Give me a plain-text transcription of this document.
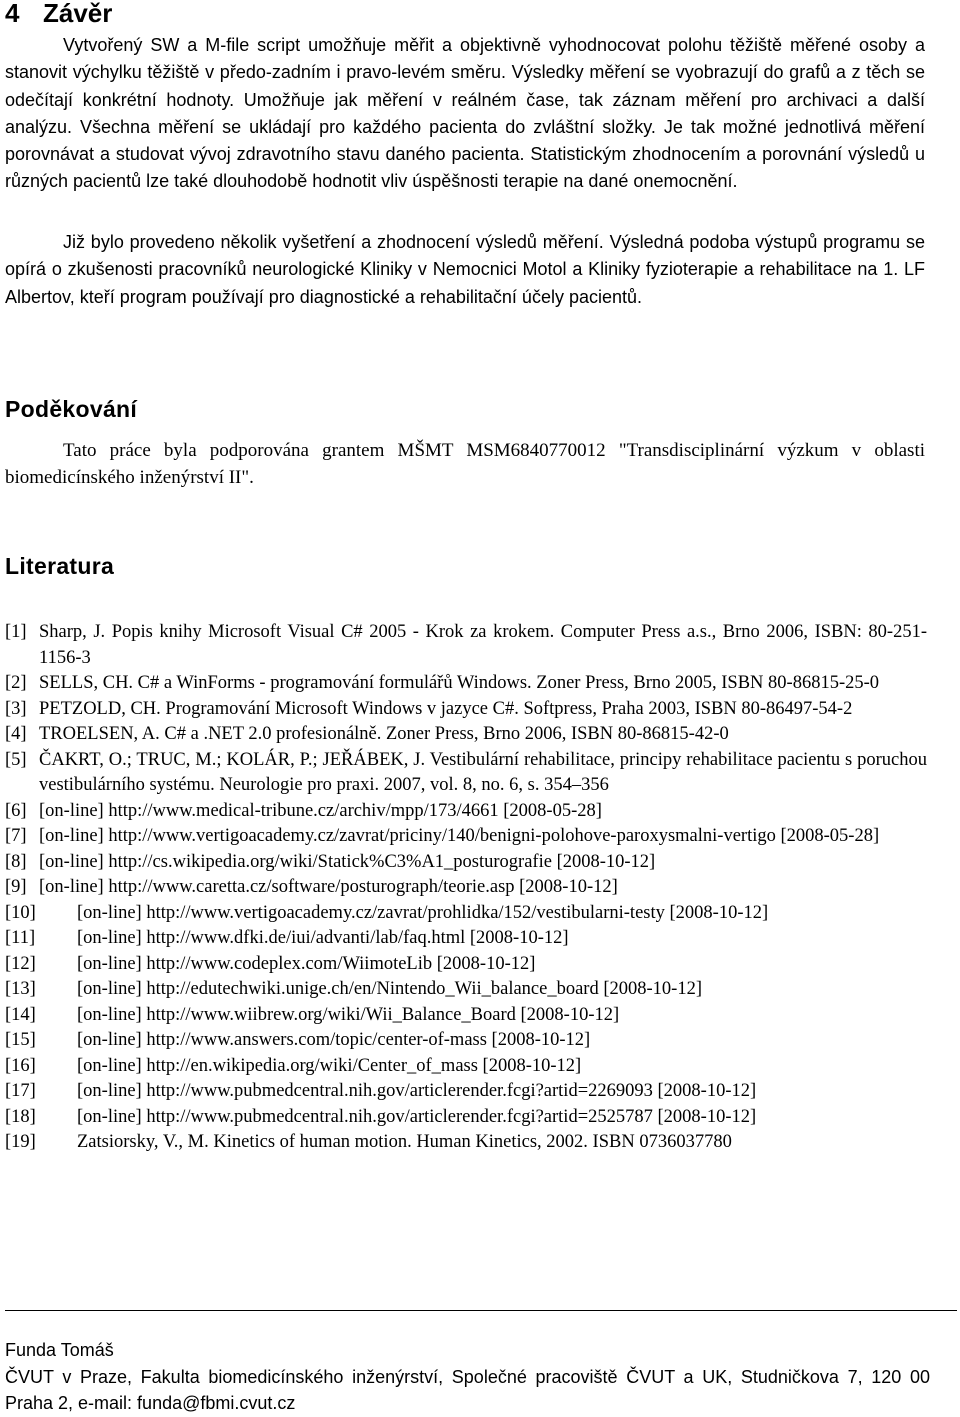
4 Závěr

Vytvořený SW a M-file script umožňuje měřit a objektivně vyhodnocovat polohu těžiště měřené osoby a stanovit výchylku těžiště v předo-zadním i pravo-levém směru. Výsledky měření se vyobrazují do grafů a z těch se odečítají konkrétní hodnoty. Umožňuje jak měření v reálném čase, tak záznam měření pro archivaci a další analýzu. Všechna měření se ukládají pro každého pacienta do zvláštní složky. Je tak možné jednotlivá měření porovnávat a studovat vývoj zdravotního stavu daného pacienta. Statistickým zhodnocením a porovnání výsledů u různých pacientů lze také dlouhodobě hodnotit vliv úspěšnosti terapie na dané onemocnění.

Již bylo provedeno několik vyšetření a zhodnocení výsledů měření. Výsledná podoba výstupů programu se opírá o zkušenosti pracovníků neurologické Kliniky v Nemocnici Motol a Kliniky fyzioterapie a rehabilitace na 1. LF Albertov, kteří program používají pro diagnostické a rehabilitační účely pacientů.

Poděkování

Tato práce byla podporována grantem MŠMT MSM6840770012 "Transdisciplinární výzkum v oblasti biomedicínského inženýrství II".

Literatura
[1] Sharp, J. Popis knihy Microsoft Visual C# 2005 - Krok za krokem. Computer Press a.s., Brno 2006, ISBN: 80-251-1156-3
[2] SELLS, CH. C# a WinForms - programování formulářů Windows. Zoner Press, Brno 2005, ISBN 80-86815-25-0
[3] PETZOLD, CH. Programování Microsoft Windows v jazyce C#. Softpress, Praha 2003, ISBN 80-86497-54-2
[4] TROELSEN, A. C# a .NET 2.0 profesionálně. Zoner Press, Brno 2006, ISBN 80-86815-42-0
[5] ČAKRT, O.; TRUC, M.; KOLÁR, P.; JEŘÁBEK, J. Vestibulární rehabilitace, principy rehabilitace pacientu s poruchou vestibulárního systému. Neurologie pro praxi. 2007, vol. 8, no. 6, s. 354–356
[6] [on-line] http://www.medical-tribune.cz/archiv/mpp/173/4661 [2008-05-28]
[7] [on-line] http://www.vertigoacademy.cz/zavrat/priciny/140/benigni-polohove-paroxysmalni-vertigo [2008-05-28]
[8] [on-line] http://cs.wikipedia.org/wiki/Statick%C3%A1_posturografie [2008-10-12]
[9] [on-line] http://www.caretta.cz/software/posturograph/teorie.asp [2008-10-12]
[10]	[on-line] http://www.vertigoacademy.cz/zavrat/prohlidka/152/vestibularni-testy [2008-10-12]
[11]	[on-line] http://www.dfki.de/iui/advanti/lab/faq.html [2008-10-12]
[12]	[on-line] http://www.codeplex.com/WiimoteLib [2008-10-12]
[13]	[on-line] http://edutechwiki.unige.ch/en/Nintendo_Wii_balance_board [2008-10-12]
[14]	[on-line] http://www.wiibrew.org/wiki/Wii_Balance_Board [2008-10-12]
[15]	[on-line] http://www.answers.com/topic/center-of-mass [2008-10-12]
[16]	[on-line] http://en.wikipedia.org/wiki/Center_of_mass [2008-10-12]
[17]	[on-line] http://www.pubmedcentral.nih.gov/articlerender.fcgi?artid=2269093 [2008-10-12]
[18]	[on-line] http://www.pubmedcentral.nih.gov/articlerender.fcgi?artid=2525787 [2008-10-12]
[19]	Zatsiorsky, V., M. Kinetics of human motion. Human Kinetics, 2002. ISBN 0736037780
Funda Tomáš

ČVUT v Praze, Fakulta biomedicínského inženýrství, Společné pracoviště ČVUT a UK, Studničkova 7, 120 00 Praha 2, e-mail: funda@fbmi.cvut.cz
